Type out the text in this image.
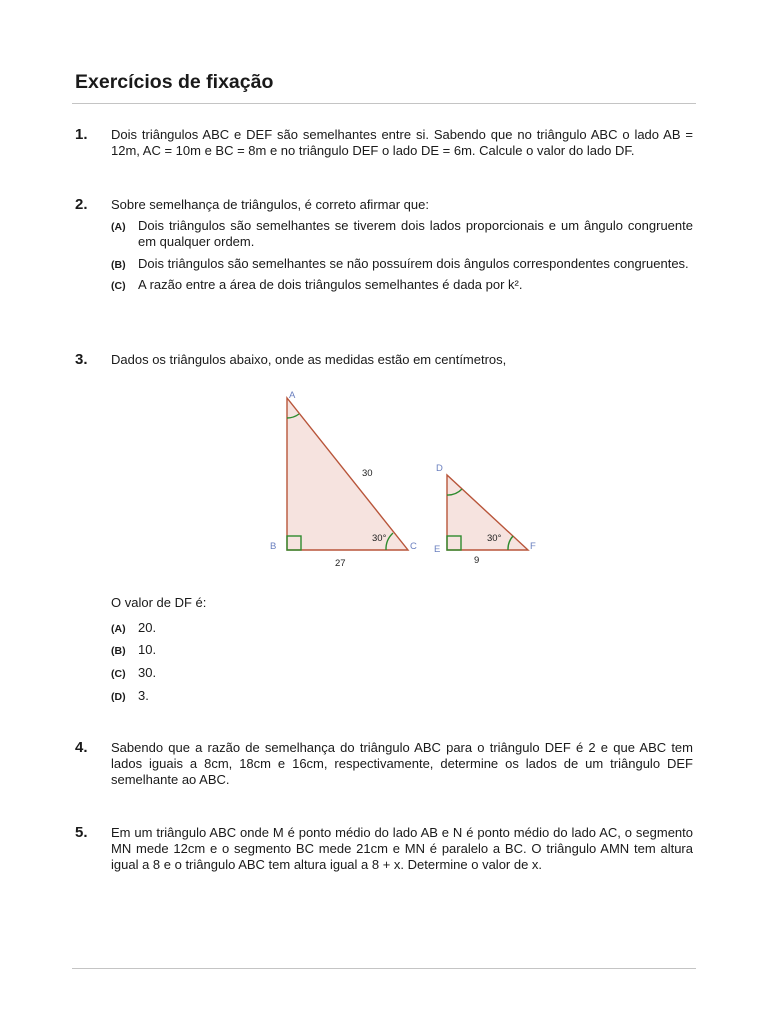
Exercícios de fixação
1. Dois triângulos ABC e DEF são semelhantes entre si. Sabendo que no triângulo ABC o lado AB = 12m, AC = 10m e BC = 8m e no triângulo DEF o lado DE = 6m. Calcule o valor do lado DF.
2. Sobre semelhança de triângulos, é correto afirmar que:
(A) Dois triângulos são semelhantes se tiverem dois lados proporcionais e um ângulo congruente em qualquer ordem.
(B) Dois triângulos são semelhantes se não possuírem dois ângulos correspondentes congruentes.
(C) A razão entre a área de dois triângulos semelhantes é dada por k².
3. Dados os triângulos abaixo, onde as medidas estão em centímetros,
A
B	C
30
27
30°
D
E	F
9
30°
O valor de DF é:
(A) 20.
(B) 10.
(C) 30.
(D) 3.
4. Sabendo que a razão de semelhança do triângulo ABC para o triângulo DEF é 2 e que ABC tem lados iguais a 8cm, 18cm e 16cm, respectivamente, determine os lados de um triângulo DEF semelhante ao ABC.
5. Em um triângulo ABC onde M é ponto médio do lado AB e N é ponto médio do lado AC, o segmento MN mede 12cm e o segmento BC mede 21cm e MN é paralelo a BC. O triângulo AMN tem altura igual a 8 e o triângulo ABC tem altura igual a 8 + x. Determine o valor de x.
